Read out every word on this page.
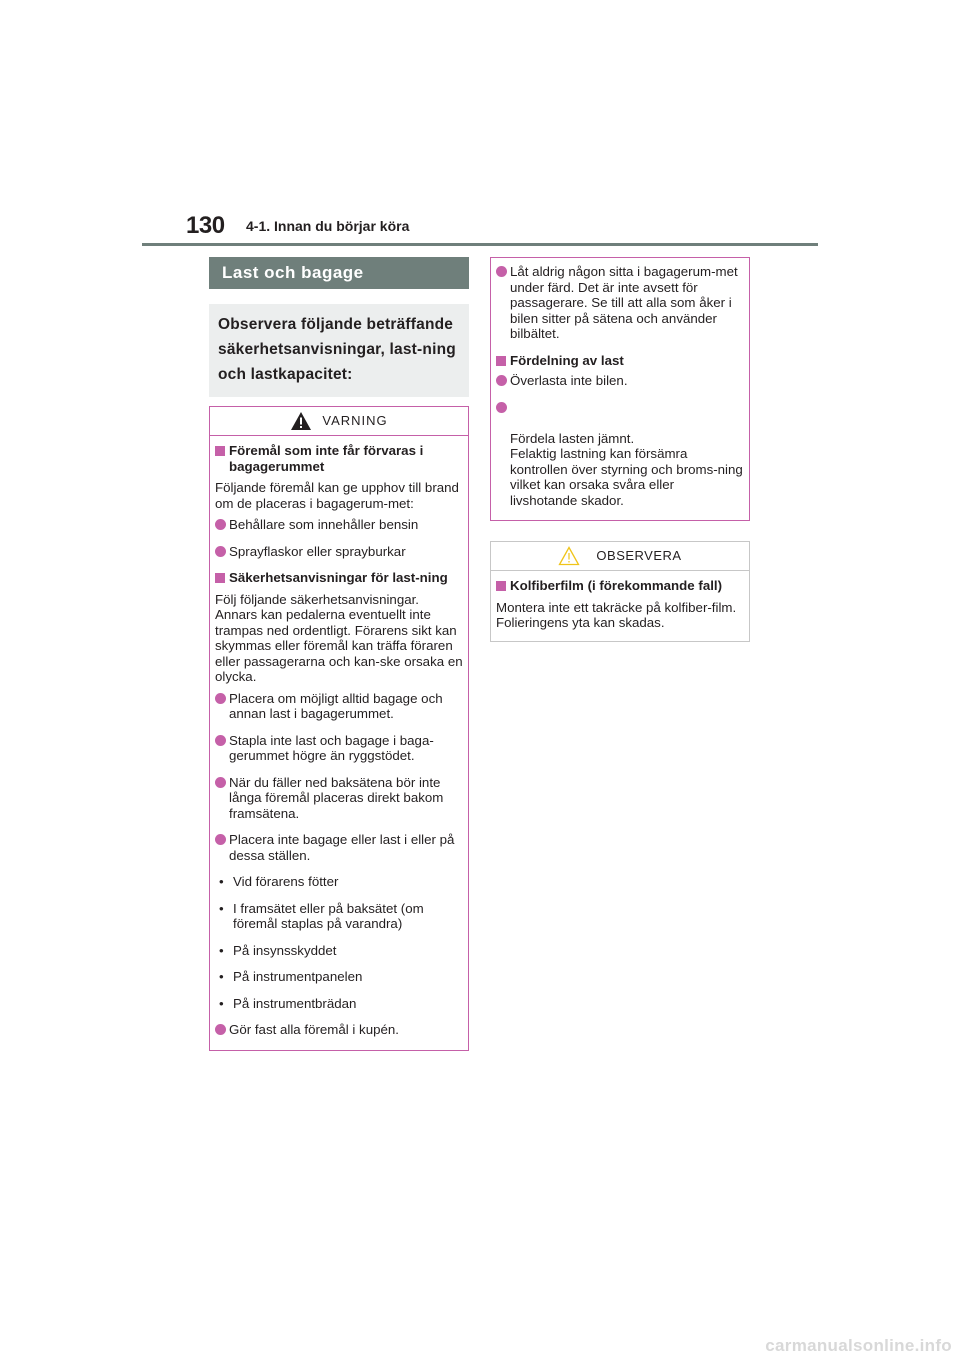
130 4-1. Innan du börjar köra
Last och bagage
Observera följande beträffande säkerhetsanvisningar, last-ning och lastkapacitet:
VARNING
Föremål som inte får förvaras i bagagerummet
Följande föremål kan ge upphov till brand om de placeras i bagagerum-met:
Behållare som innehåller bensin
Sprayflaskor eller sprayburkar
Säkerhetsanvisningar för last-ning
Följ följande säkerhetsanvisningar. Annars kan pedalerna eventuellt inte trampas ned ordentligt. Förarens sikt kan skymmas eller föremål kan träffa föraren eller passagerarna och kan-ske orsaka en olycka.
Placera om möjligt alltid bagage och annan last i bagagerummet.
Stapla inte last och bagage i baga-gerummet högre än ryggstödet.
När du fäller ned baksätena bör inte långa föremål placeras direkt bakom framsätena.
Placera inte bagage eller last i eller på dessa ställen.
• Vid förarens fötter
• I framsätet eller på baksätet (om föremål staplas på varandra)
• På insynsskyddet
• På instrumentpanelen
• På instrumentbrädan
Gör fast alla föremål i kupén.
Låt aldrig någon sitta i bagagerum-met under färd. Det är inte avsett för passagerare. Se till att alla som åker i bilen sitter på sätena och använder bilbältet.
Fördelning av last
Överlasta inte bilen.

Fördela lasten jämnt.
Felaktig lastning kan försämra kontrollen över styrning och broms-ning vilket kan orsaka svåra eller livshotande skador.

OBSERVERA
Kolfiberfilm (i förekommande fall)
Montera inte ett takräcke på kolfiber-film. Folieringens yta kan skadas.
carmanualsonline.info
